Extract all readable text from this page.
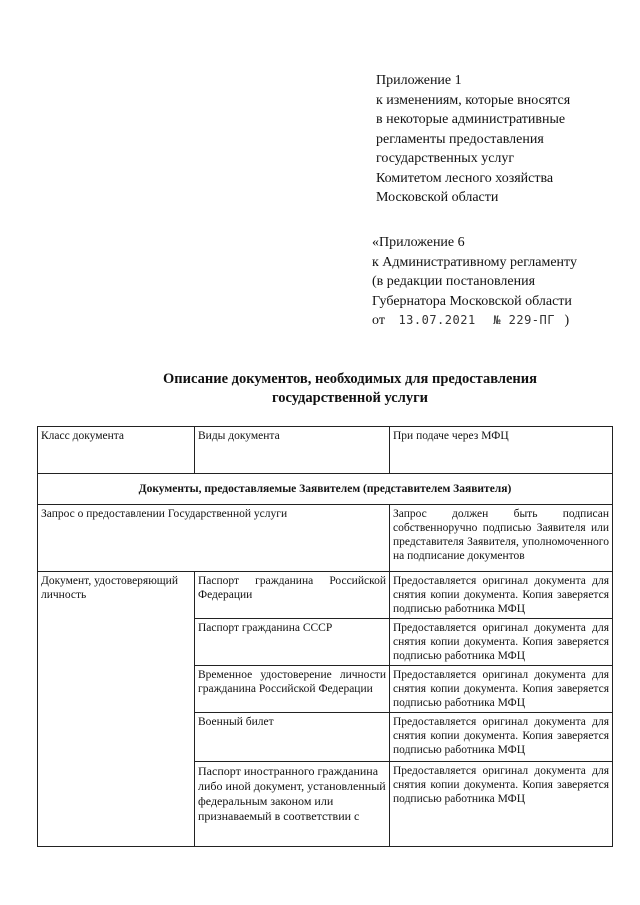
Приложение 1
к изменениям, которые вносятся
в некоторые административные
регламенты предоставления
государственных услуг
Комитетом лесного хозяйства
Московской области
«Приложение 6
к Административному регламенту
(в редакции постановления
Губернатора Московской области
от 13.07.2021 № 229-ПГ )
Описание документов, необходимых для предоставления
государственной услуги
Класс документа	Виды документа	При подаче через МФЦ
Документы, предоставляемые Заявителем (представителем Заявителя)		
Запрос о предоставлении Государственной услуги		Запрос должен быть подписан собственноручно подписью Заявителя или представителя Заявителя, уполномоченного на подписание документов
Документ, удостоверяющий личность	Паспорт гражданина Российской Федерации	Предоставляется оригинал документа для снятия копии документа. Копия заверяется подписью работника МФЦ
	Паспорт гражданина СССР	Предоставляется оригинал документа для снятия копии документа. Копия заверяется подписью работника МФЦ
	Временное удостоверение личности гражданина Российской Федерации	Предоставляется оригинал документа для снятия копии документа. Копия заверяется подписью работника МФЦ
	Военный билет	Предоставляется оригинал документа для снятия копии документа. Копия заверяется подписью работника МФЦ
	Паспорт иностранного гражданина либо иной документ, установленный федеральным законом или признаваемый в соответствии с	Предоставляется оригинал документа для снятия копии документа. Копия заверяется подписью работника МФЦ
